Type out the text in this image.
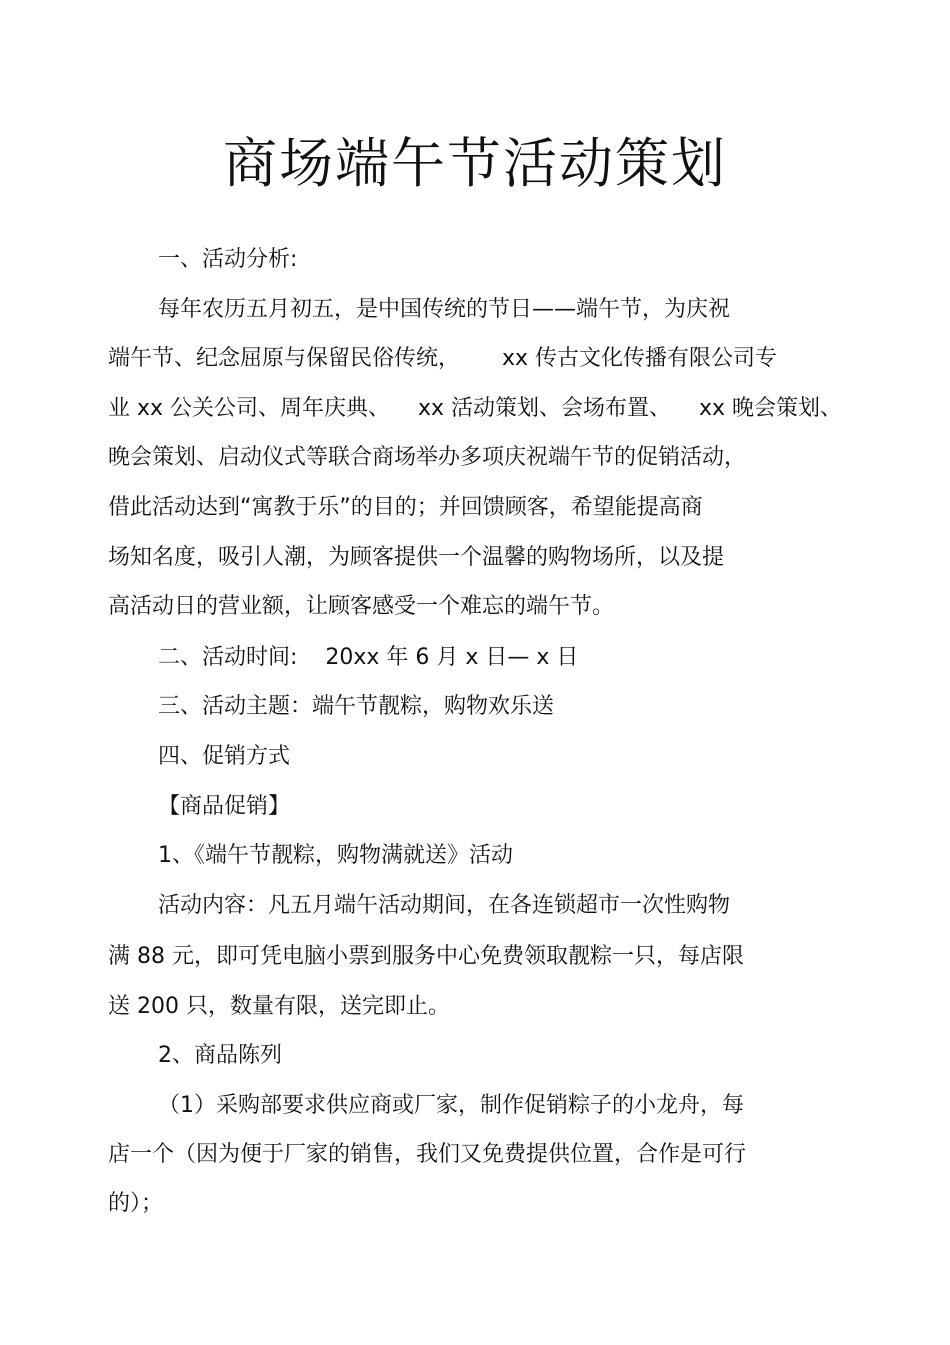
商场端午节活动策划
一、活动分析:
每年农历五月初五，是中国传统的节日——端午节，为庆祝
端午节、纪念屈原与保留民俗传统，      xx 传古文化传播有限公司专
业 xx 公关公司、周年庆典、    xx 活动策划、会场布置、    xx 晚会策划、
晚会策划、启动仪式等联合商场举办多项庆祝端午节的促销活动，
借此活动达到“寓教于乐”的目的；并回馈顾客，希望能提高商
场知名度，吸引人潮，为顾客提供一个温馨的购物场所，以及提
高活动日的营业额，让顾客感受一个难忘的端午节。
二、活动时间:    20xx 年 6 月 x 日— x 日
三、活动主题：端午节靓粽，购物欢乐送
四、促销方式
【商品促销】
1、《端午节靓粽，购物满就送》活动
活动内容：凡五月端午活动期间，在各连锁超市一次性购物
满 88 元，即可凭电脑小票到服务中心免费领取靓粽一只，每店限
送 200 只，数量有限，送完即止。
2、商品陈列
（1）采购部要求供应商或厂家，制作促销粽子的小龙舟，每
店一个（因为便于厂家的销售，我们又免费提供位置，合作是可行
的）；
